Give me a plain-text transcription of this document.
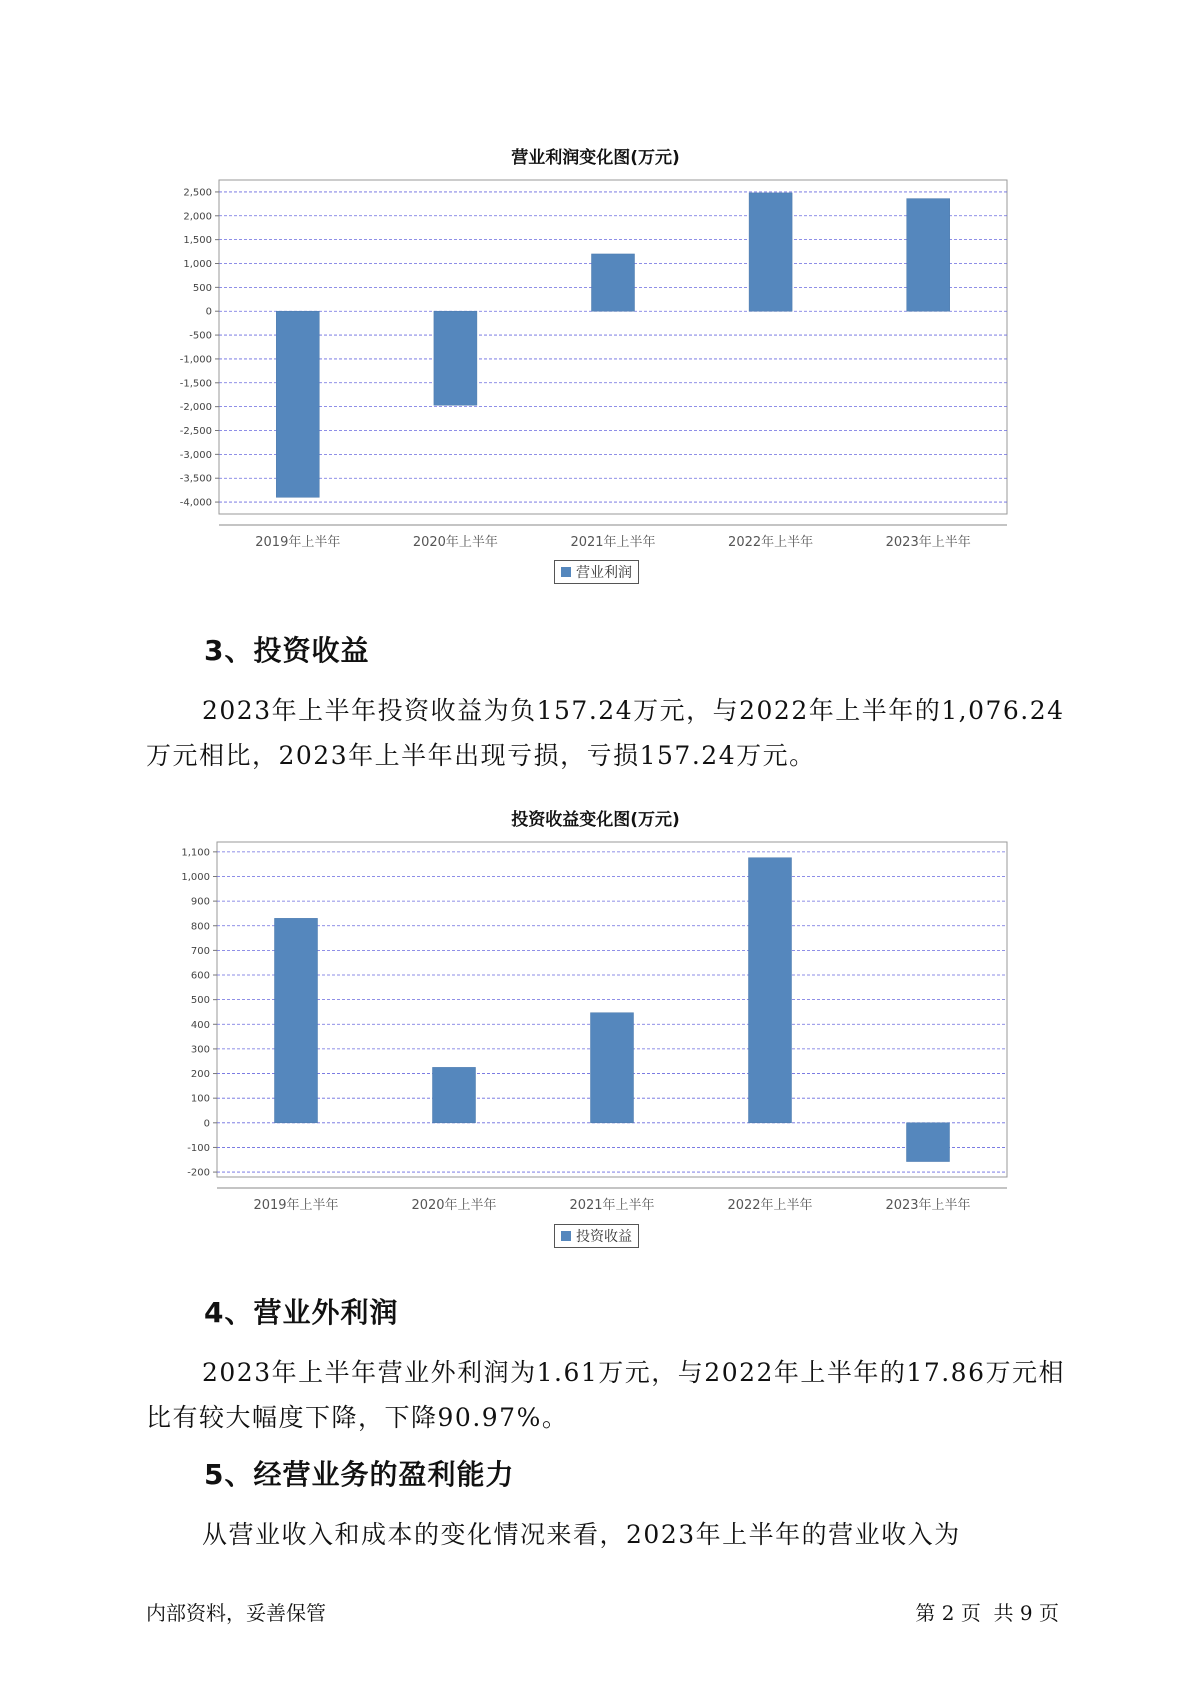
营业利润变化图(万元)
2,500
2,000
1,500
1,000
500
0
-500
-1,000
-1,500
-2,000
-2,500
-3,000
-3,500
-4,000
2019年上半年	2020年上半年	2021年上半年	2022年上半年	2023年上半年
营业利润
3、投资收益
2023年上半年投资收益为负157.24万元，与2022年上半年的1,076.24
万元相比，2023年上半年出现亏损，亏损157.24万元。
投资收益变化图(万元)
1,100
1,000
900
800
700
600
500
400
300
200
100
0
-100
-200
2019年上半年	2020年上半年	2021年上半年	2022年上半年	2023年上半年
投资收益
4、营业外利润
2023年上半年营业外利润为1.61万元，与2022年上半年的17.86万元相
比有较大幅度下降，下降90.97%。
5、经营业务的盈利能力
从营业收入和成本的变化情况来看，2023年上半年的营业收入为
内部资料，妥善保管	第 2 页  共 9 页
